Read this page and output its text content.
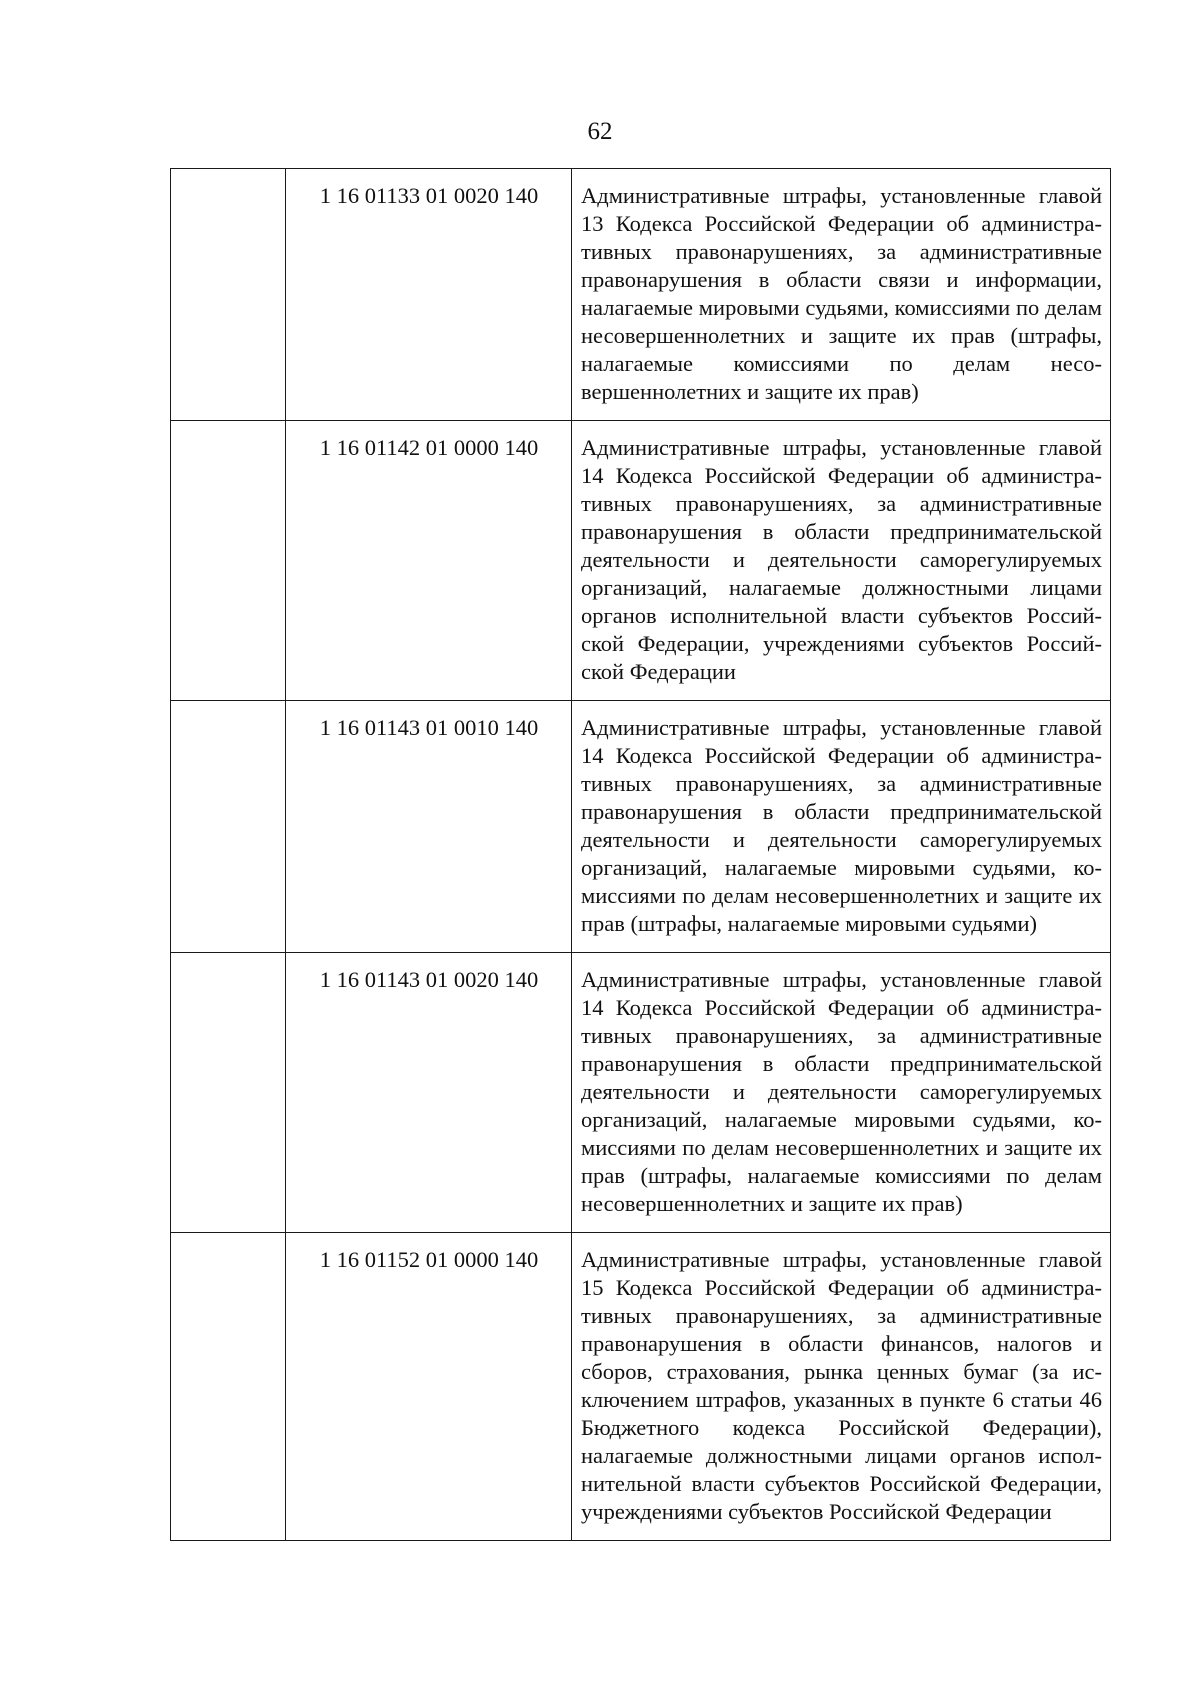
62
	1 16 01133 01 0020 140	Административные штрафы, установленные главой 13 Кодекса Российской Федерации об административных правонарушениях, за административные правонарушения в области связи и информации, налагаемые мировыми судьями, комиссиями по делам несовершеннолетних и защите их прав (штрафы, налагаемые комиссиями по делам несовершеннолетних и защите их прав)
	1 16 01142 01 0000 140	Административные штрафы, установленные главой 14 Кодекса Российской Федерации об административных правонарушениях, за административные правонарушения в области предпринимательской деятельности и деятельности саморегулируемых организаций, налагаемые должностными лицами органов исполнительной власти субъектов Российской Федерации, учреждениями субъектов Российской Федерации
	1 16 01143 01 0010 140	Административные штрафы, установленные главой 14 Кодекса Российской Федерации об административных правонарушениях, за административные правонарушения в области предпринимательской деятельности и деятельности саморегулируемых организаций, налагаемые мировыми судьями, комиссиями по делам несовершеннолетних и защите их прав (штрафы, налагаемые мировыми судьями)
	1 16 01143 01 0020 140	Административные штрафы, установленные главой 14 Кодекса Российской Федерации об административных правонарушениях, за административные правонарушения в области предпринимательской деятельности и деятельности саморегулируемых организаций, налагаемые мировыми судьями, комиссиями по делам несовершеннолетних и защите их прав (штрафы, налагаемые комиссиями по делам несовершеннолетних и защите их прав)
	1 16 01152 01 0000 140	Административные штрафы, установленные главой 15 Кодекса Российской Федерации об административных правонарушениях, за административные правонарушения в области финансов, налогов и сборов, страхования, рынка ценных бумаг (за исключением штрафов, указанных в пункте 6 статьи 46 Бюджетного кодекса Российской Федерации), налагаемые должностными лицами органов исполнительной власти субъектов Российской Федерации, учреждениями субъектов Российской Федерации
